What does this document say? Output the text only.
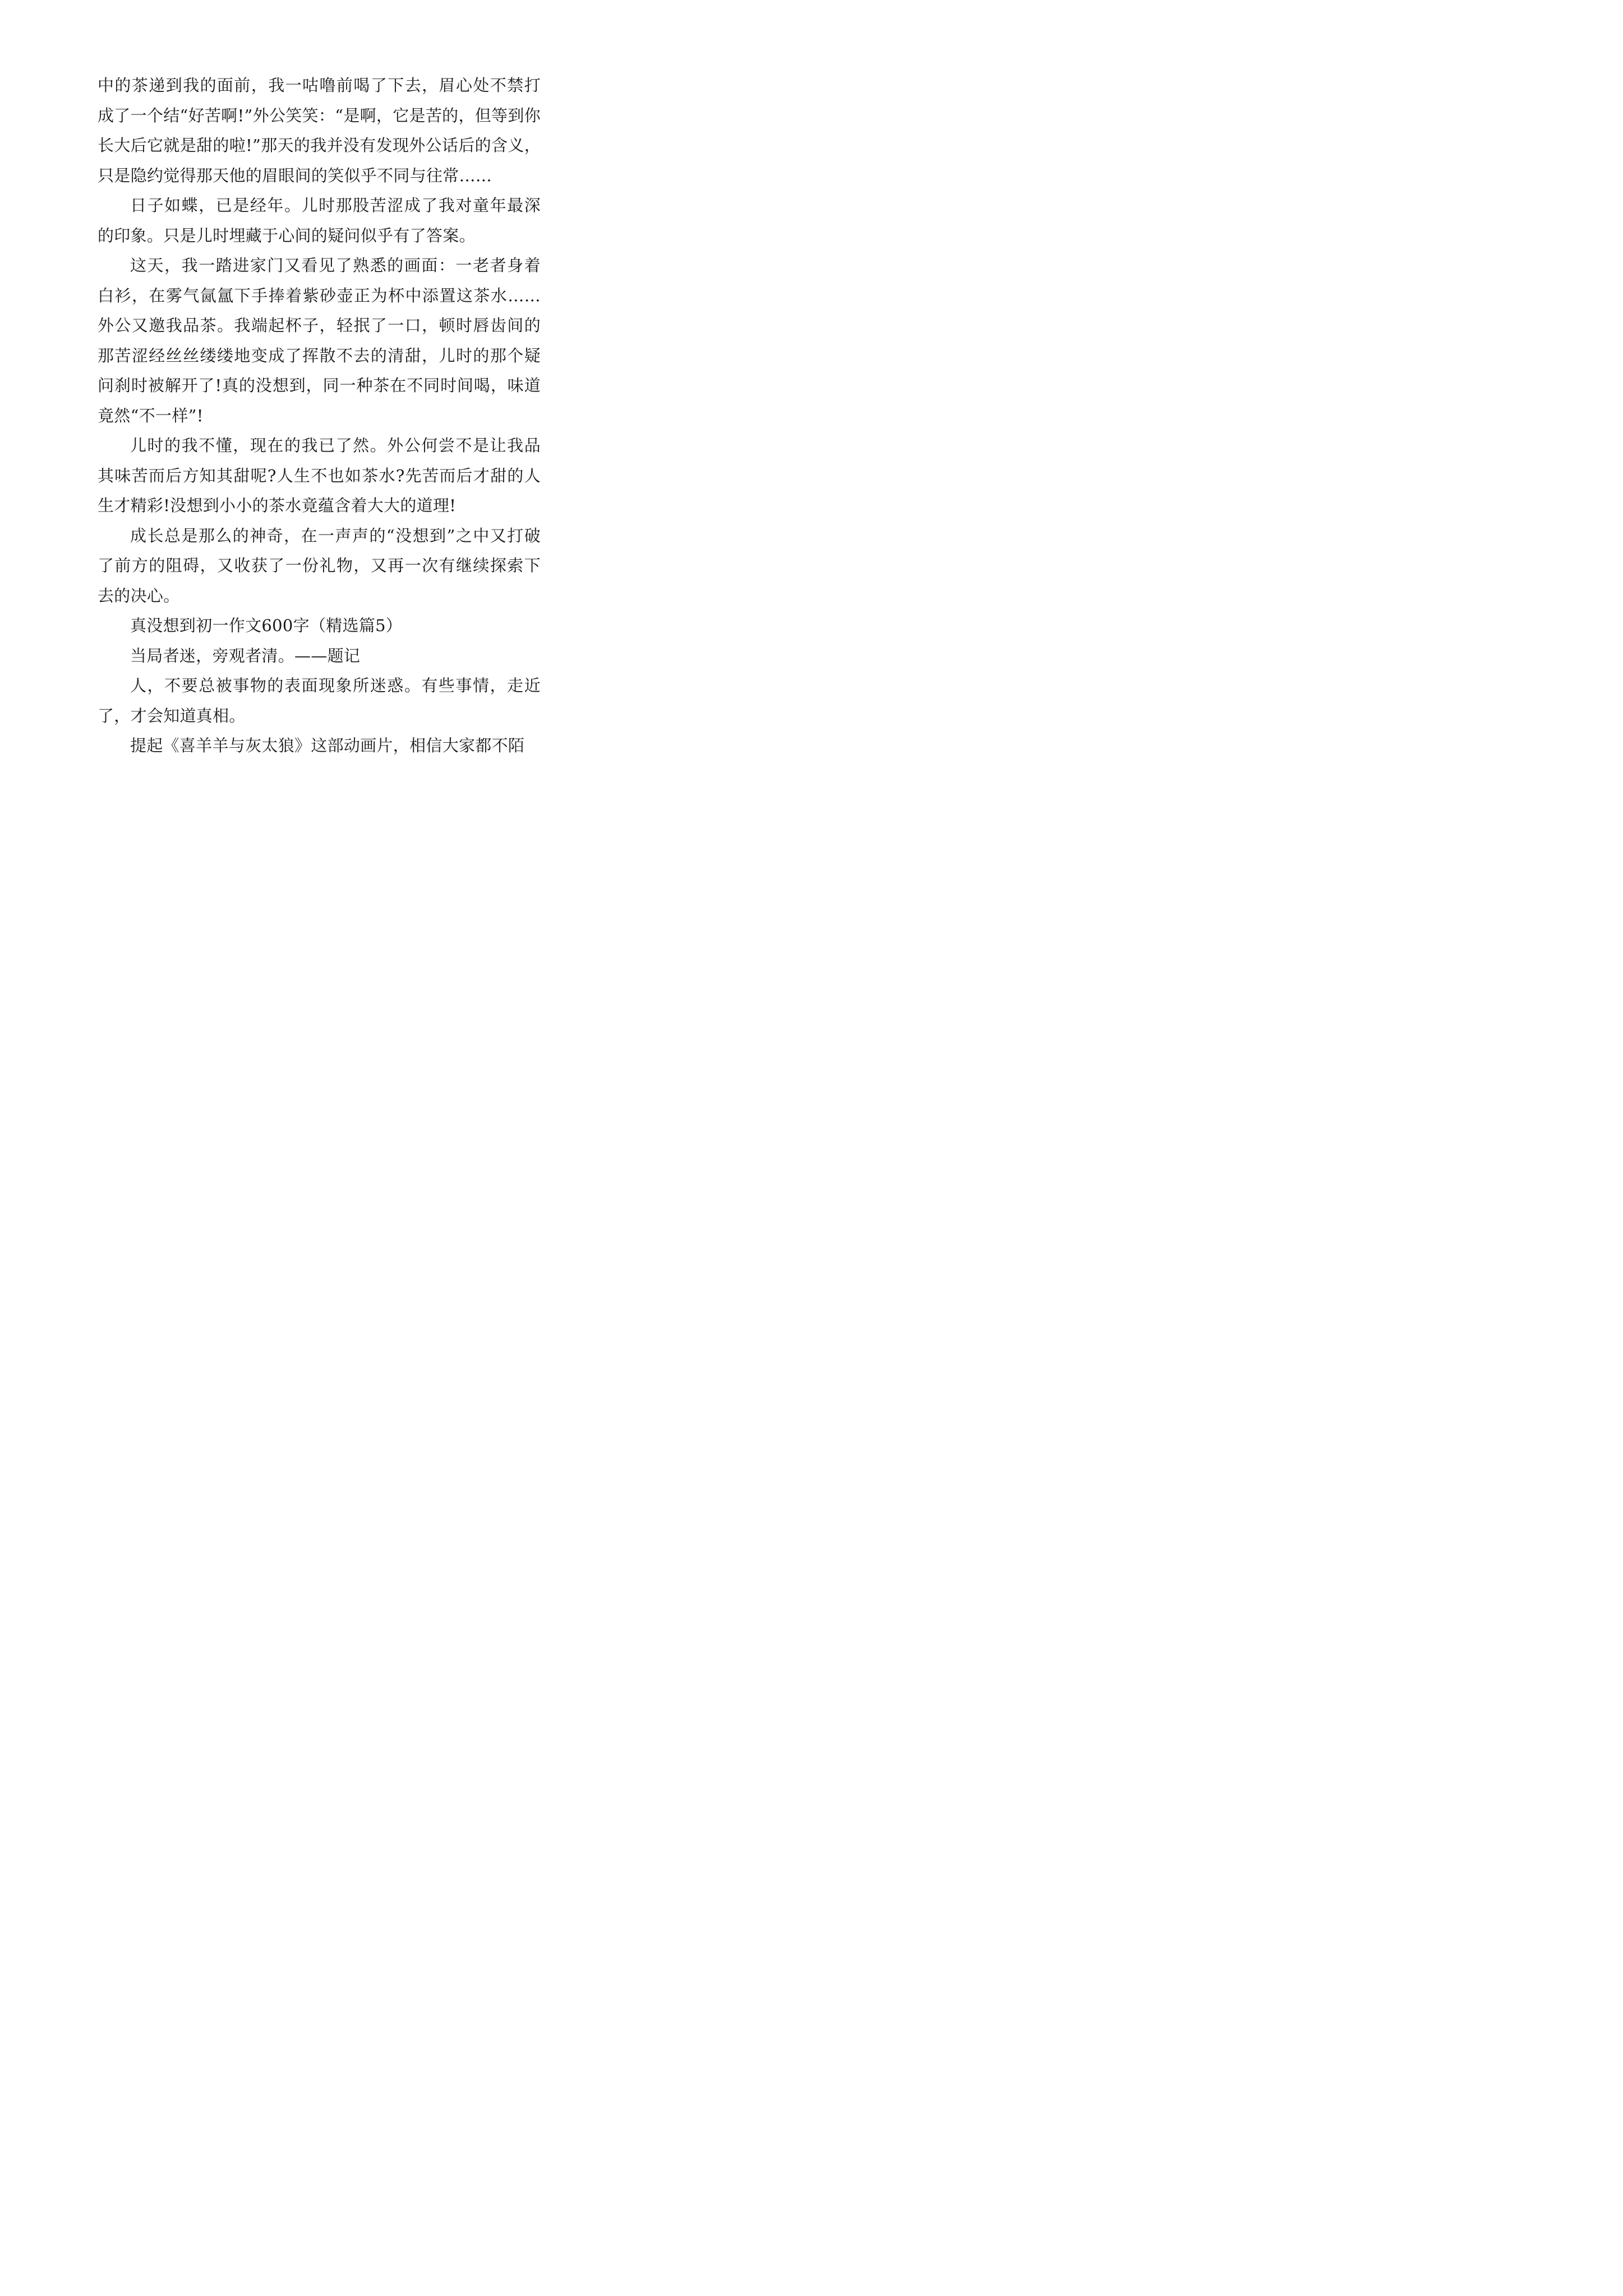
中的茶递到我的面前，我一咕噜前喝了下去，眉心处不禁打成了一个结“好苦啊!”外公笑笑：“是啊，它是苦的，但等到你长大后它就是甜的啦!”那天的我并没有发现外公话后的含义，只是隐约觉得那天他的眉眼间的笑似乎不同与往常……

日子如蝶，已是经年。儿时那股苦涩成了我对童年最深的印象。只是儿时埋藏于心间的疑问似乎有了答案。

这天，我一踏进家门又看见了熟悉的画面：一老者身着白衫，在雾气氤氲下手捧着紫砂壶正为杯中添置这茶水……外公又邀我品茶。我端起杯子，轻抿了一口，顿时唇齿间的那苦涩经丝丝缕缕地变成了挥散不去的清甜，儿时的那个疑问刹时被解开了!真的没想到，同一种茶在不同时间喝，味道竟然“不一样”!

儿时的我不懂，现在的我已了然。外公何尝不是让我品其味苦而后方知其甜呢?人生不也如茶水?先苦而后才甜的人生才精彩!没想到小小的茶水竟蕴含着大大的道理!

成长总是那么的神奇，在一声声的“没想到”之中又打破了前方的阻碍，又收获了一份礼物，又再一次有继续探索下去的决心。

真没想到初一作文600字（精选篇5）

当局者迷，旁观者清。——题记

人，不要总被事物的表面现象所迷惑。有些事情，走近了，才会知道真相。

提起《喜羊羊与灰太狼》这部动画片，相信大家都不陌
